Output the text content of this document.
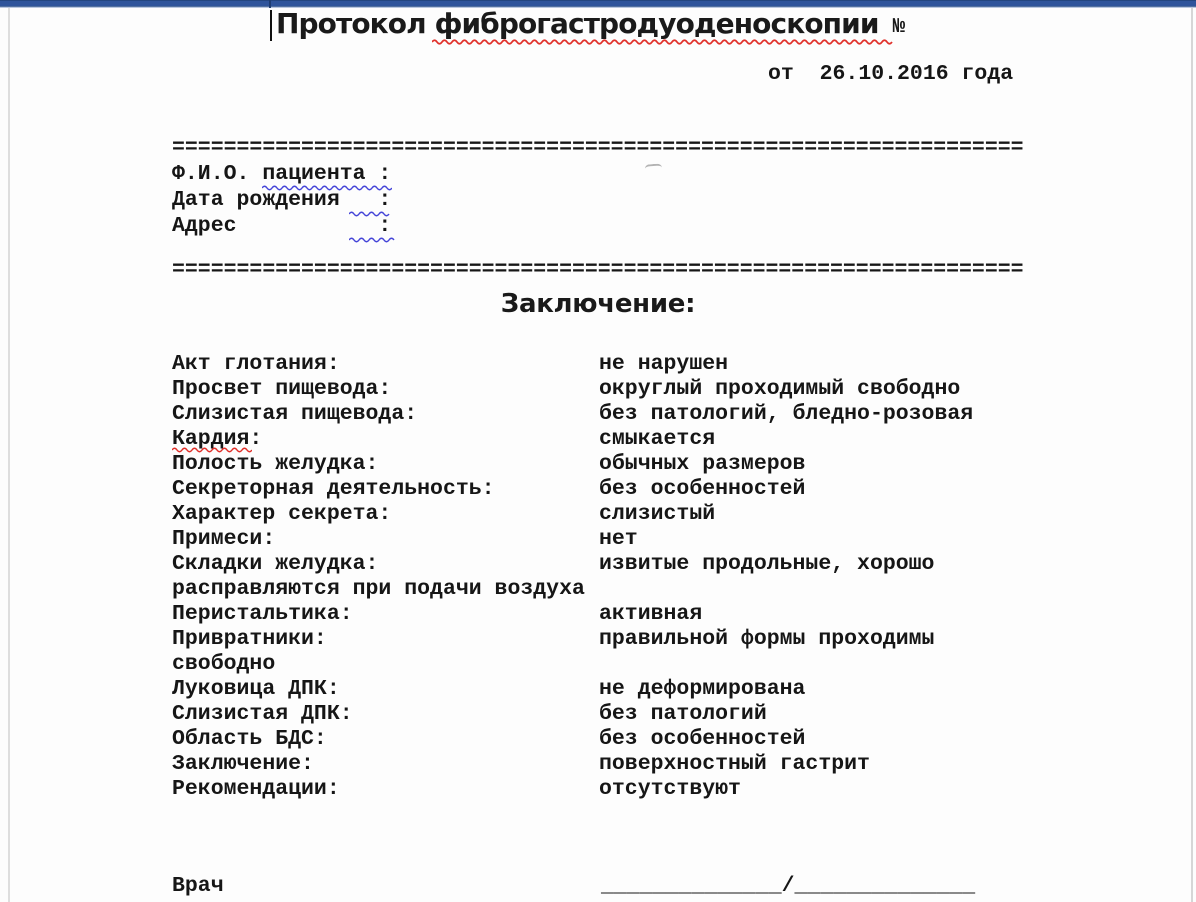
Протокол фиброгастродуоденоскопии №
от  26.10.2016 года
==================================================================
Ф.И.О. пациента :
Дата рождения   :
Адрес           :
==================================================================
Заключение:
Акт глотания:	не нарушен
Просвет пищевода:	округлый проходимый свободно
Слизистая пищевода:	без патологий, бледно-розовая
Кардия:	смыкается
Полость желудка:	обычных размеров
Секреторная деятельность:	без особенностей
Характер секрета:	слизистый
Примеси:	нет
Складки желудка:	извитые продольные, хорошо
расправляются при подачи воздуха
Перистальтика:	активная
Привратники:	правильной формы проходимы
свободно
Луковица ДПК:	не деформирована
Слизистая ДПК:	без патологий
Область БДС:	без особенностей
Заключение:	поверхностный гастрит
Рекомендации:	отсутствуют
Врач	______________/______________
